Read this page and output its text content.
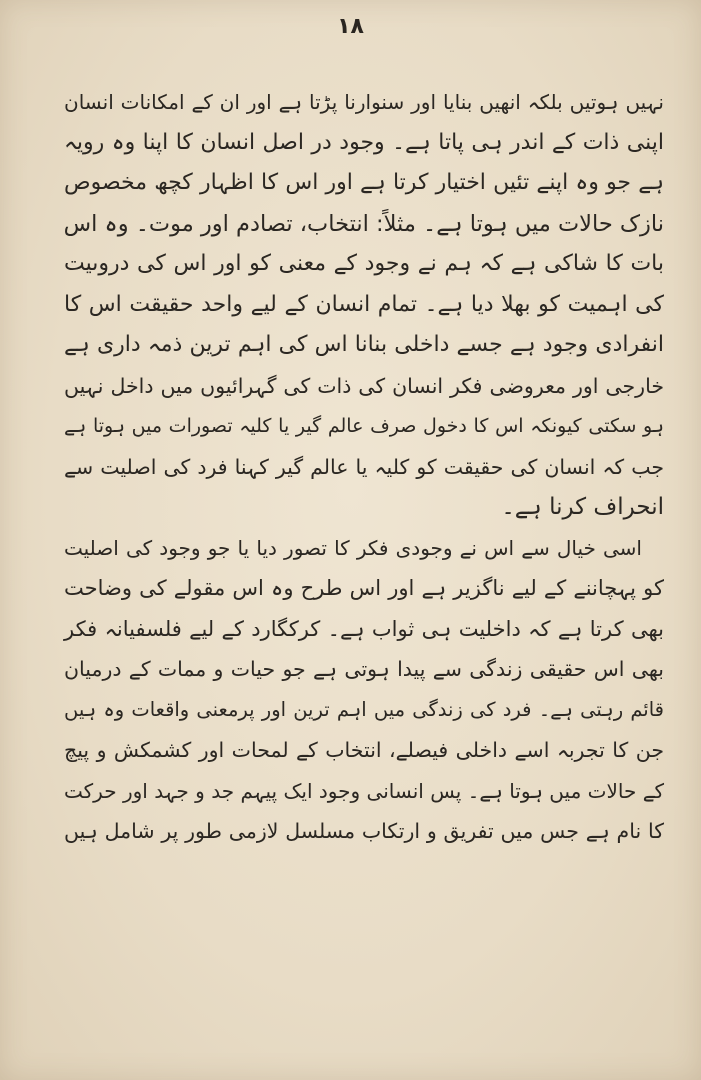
۱۸
نہیں ہوتیں بلکہ انھیں بنایا اور سنوارنا پڑتا ہے اور ان کے امکانات انسان
اپنی ذات کے اندر ہی پاتا ہے۔ وجود در اصل انسان کا اپنا وہ رویہ
ہے جو وہ اپنے تئیں اختیار کرتا ہے اور اس کا اظہار کچھ مخصوص
نازک حالات میں ہوتا ہے۔ مثلاً: انتخاب، تصادم اور موت۔ وہ اس
بات کا شاکی ہے کہ ہم نے وجود کے معنی کو اور اس کی دروںیت
کی اہمیت کو بھلا دیا ہے۔ تمام انسان کے لیے واحد حقیقت اس کا
انفرادی وجود ہے جسے داخلی بنانا اس کی اہم ترین ذمہ داری ہے
خارجی اور معروضی فکر انسان کی ذات کی گہرائیوں میں داخل نہیں
ہو سکتی کیونکہ اس کا دخول صرف عالم گیر یا کلیہ تصورات میں ہوتا ہے
جب کہ انسان کی حقیقت کو کلیہ یا عالم گیر کہنا فرد کی اصلیت سے
انحراف کرنا ہے۔
اسی خیال سے اس نے وجودی فکر کا تصور دیا یا جو وجود کی اصلیت
کو پہچاننے کے لیے ناگزیر ہے اور اس طرح وہ اس مقولے کی وضاحت
بھی کرتا ہے کہ داخلیت ہی ثواب ہے۔ کرکگارد کے لیے فلسفیانہ فکر
بھی اس حقیقی زندگی سے پیدا ہوتی ہے جو حیات و ممات کے درمیان
قائم رہتی ہے۔ فرد کی زندگی میں اہم ترین اور پرمعنی واقعات وہ ہیں
جن کا تجربہ اسے داخلی فیصلے، انتخاب کے لمحات اور کشمکش و پیچ
کے حالات میں ہوتا ہے۔ پس انسانی وجود ایک پیہم جد و جہد اور حرکت
کا نام ہے جس میں تفریق و ارتکاب مسلسل لازمی طور پر شامل ہیں
